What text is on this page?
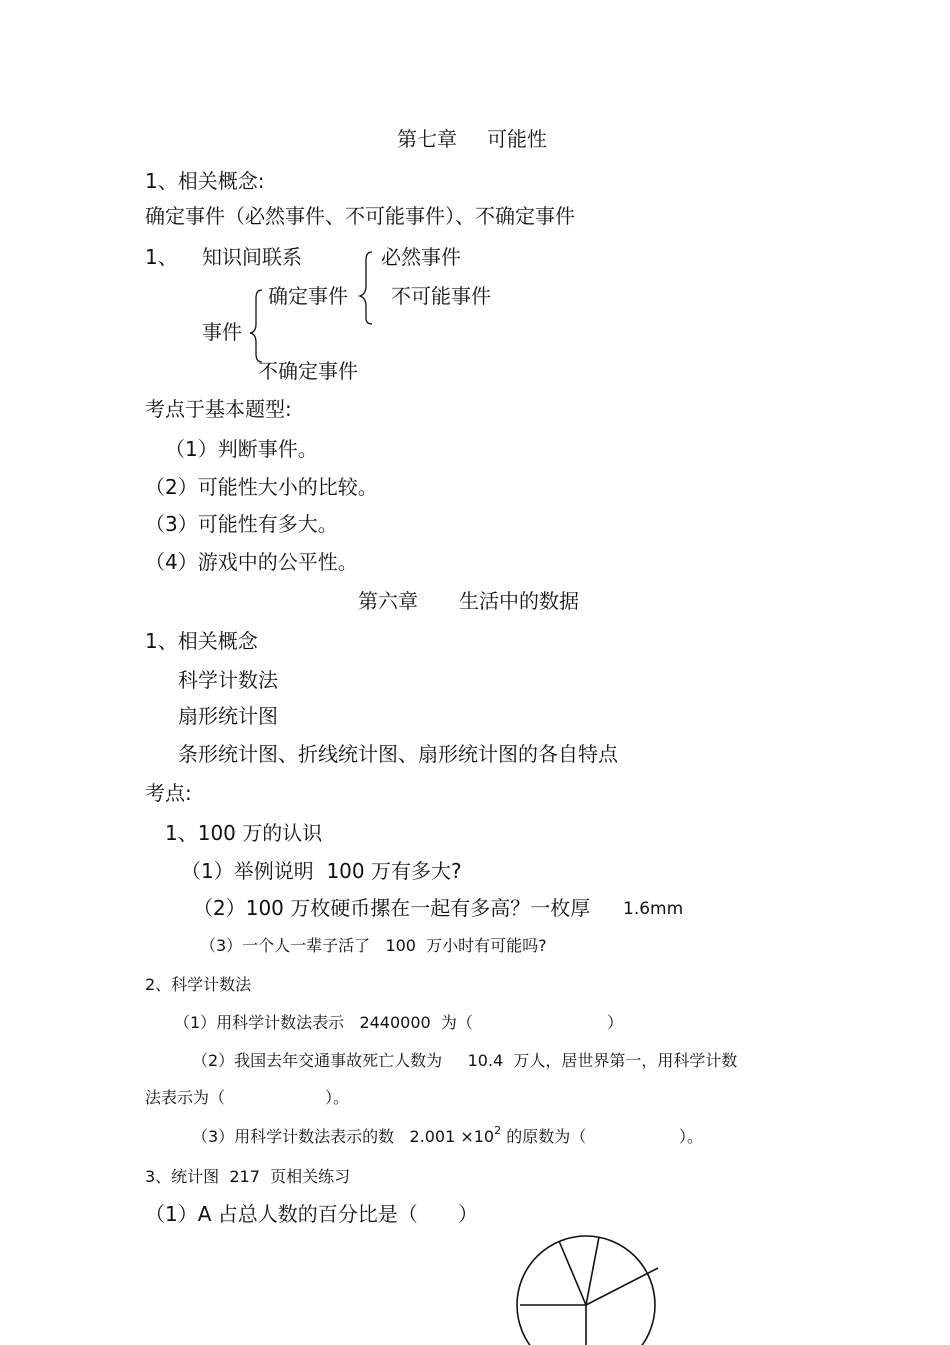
第七章 可能性
1、相关概念:
确定事件（必然事件、不可能事件）、不确定事件
1、 知识间联系	必然事件
确定事件 不可能事件
事件
不确定事件
考点于基本题型:
（1）判断事件。
（2）可能性大小的比较。
（3）可能性有多大。
（4）游戏中的公平性。
第六章 生活中的数据
1、相关概念
科学计数法
扇形统计图
条形统计图、折线统计图、扇形统计图的各自特点
考点:
1、100 万的认识
（1）举例说明  100 万有多大?
（2）100 万枚硬币摞在一起有多高？一枚厚 1.6mm
（3）一个人一辈子活了   100  万小时有可能吗?
2、科学计数法
（1）用科学计数法表示   2440000  为（	）
（2）我国去年交通事故死亡人数为     10.4  万人，居世界第一，用科学计数
法表示为（	）。
（3）用科学计数法表示的数   $2.001 \times 10^2$ 的原数为（	）。
3、统计图  217  页相关练习
（1）A 占总人数的百分比是（ ）
